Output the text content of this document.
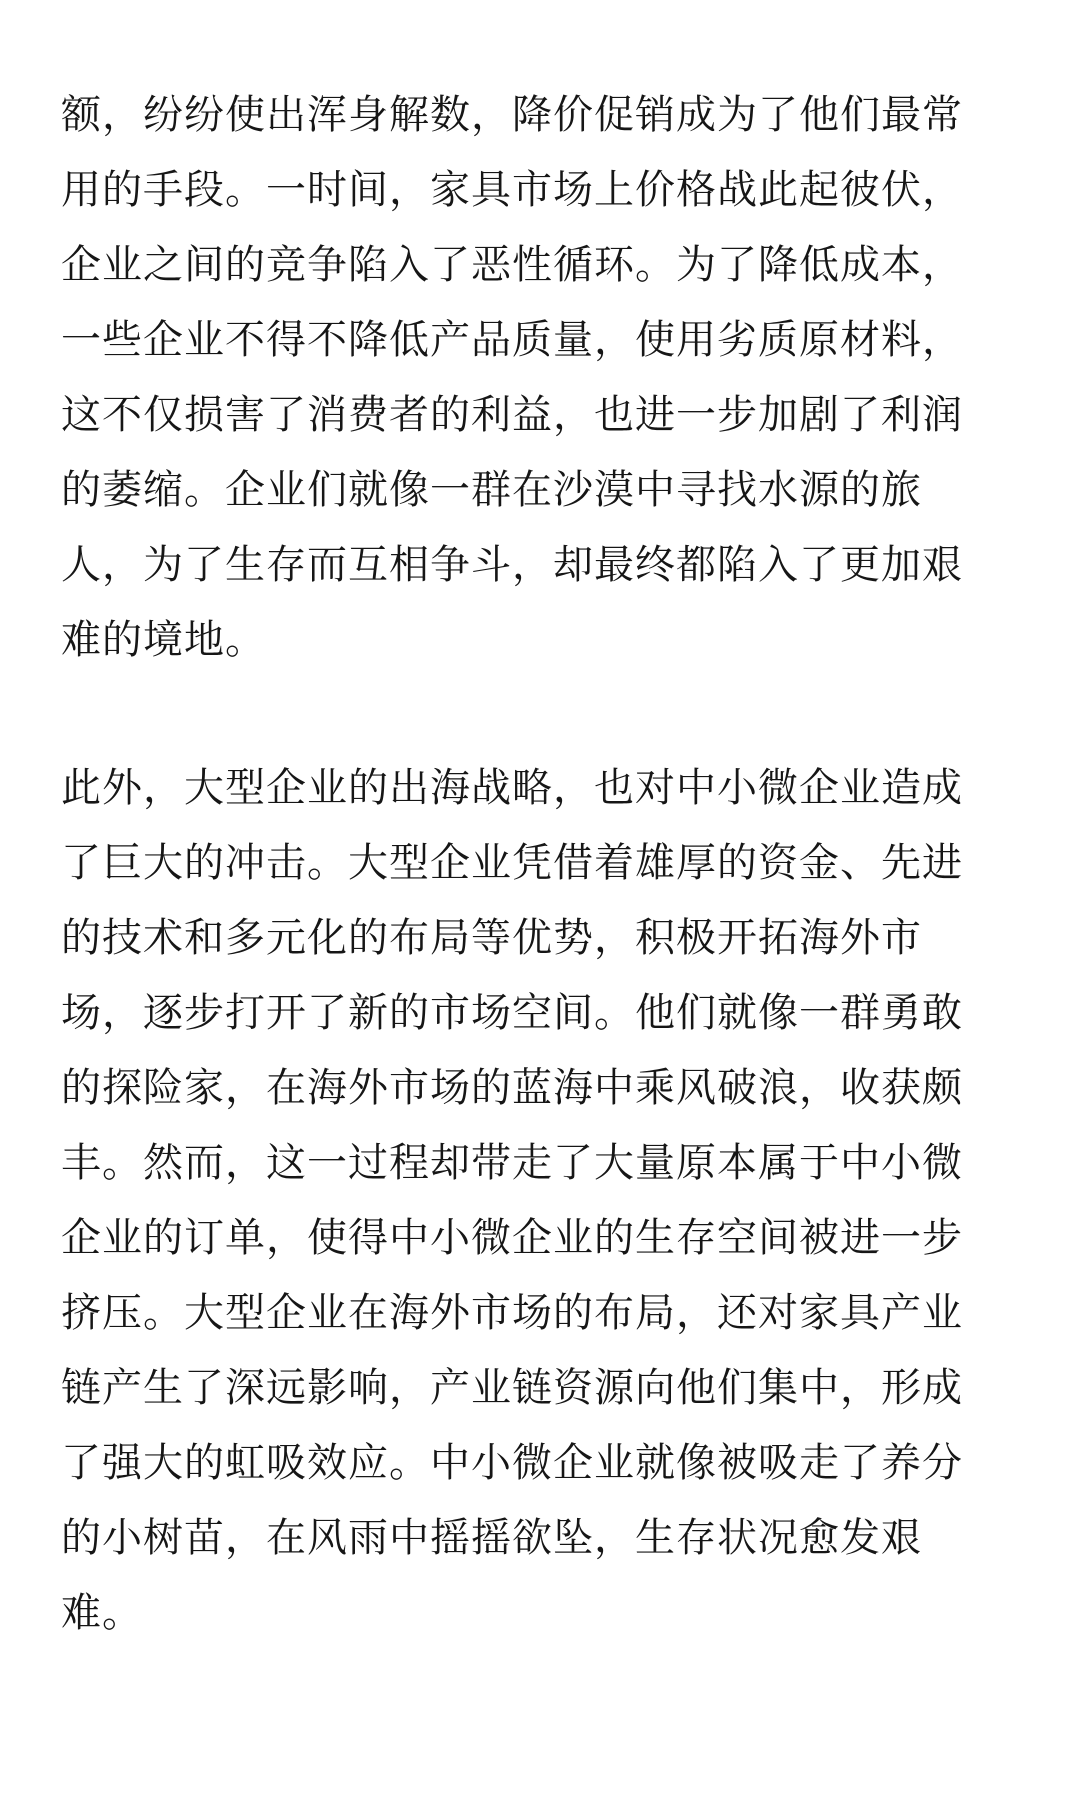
额，纷纷使出浑身解数，降价促销成为了他们最常
用的手段。一时间，家具市场上价格战此起彼伏，
企业之间的竞争陷入了恶性循环。为了降低成本，
一些企业不得不降低产品质量，使用劣质原材料，
这不仅损害了消费者的利益，也进一步加剧了利润
的萎缩。企业们就像一群在沙漠中寻找水源的旅
人，为了生存而互相争斗，却最终都陷入了更加艰
难的境地。

此外，大型企业的出海战略，也对中小微企业造成
了巨大的冲击。大型企业凭借着雄厚的资金、先进
的技术和多元化的布局等优势，积极开拓海外市
场，逐步打开了新的市场空间。他们就像一群勇敢
的探险家，在海外市场的蓝海中乘风破浪，收获颇
丰。然而，这一过程却带走了大量原本属于中小微
企业的订单，使得中小微企业的生存空间被进一步
挤压。大型企业在海外市场的布局，还对家具产业
链产生了深远影响，产业链资源向他们集中，形成
了强大的虹吸效应。中小微企业就像被吸走了养分
的小树苗，在风雨中摇摇欲坠，生存状况愈发艰
难。
